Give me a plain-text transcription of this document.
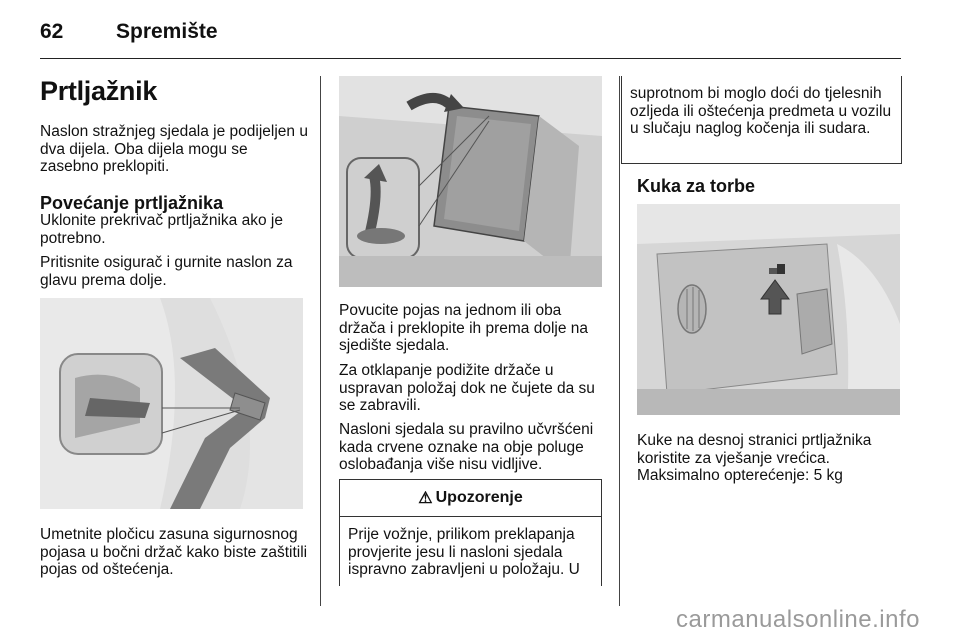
62	Spremište
Prtljažnik

Naslon stražnjeg sjedala je podijeljen u dva dijela. Oba dijela mogu se zasebno preklopiti.

Povećanje prtljažnika

Uklonite prekrivač prtljažnika ako je potrebno.

Pritisnite osigurač i gurnite naslon za glavu prema dolje.

Umetnite pločicu zasuna sigurnosnog pojasa u bočni držač kako biste zaštitili pojas od oštećenja.

Povucite pojas na jednom ili oba držača i preklopite ih prema dolje na sjedište sjedala.

Za otklapanje podižite držače u uspravan položaj dok ne čujete da su se zabravili.

Nasloni sjedala su pravilno učvršćeni kada crvene oznake na obje poluge oslobađanja više nisu vidljive.

⚠ Upozorenje
Prije vožnje, prilikom preklapanja provjerite jesu li nasloni sjedala ispravno zabravljeni u položaju. U

suprotnom bi moglo doći do tjelesnih ozljeda ili oštećenja predmeta u vozilu u slučaju naglog kočenja ili sudara.

Kuka za torbe

Kuke na desnoj stranici prtljažnika koristite za vješanje vrećica. Maksimalno opterećenje: 5 kg

carmanualsonline.info
